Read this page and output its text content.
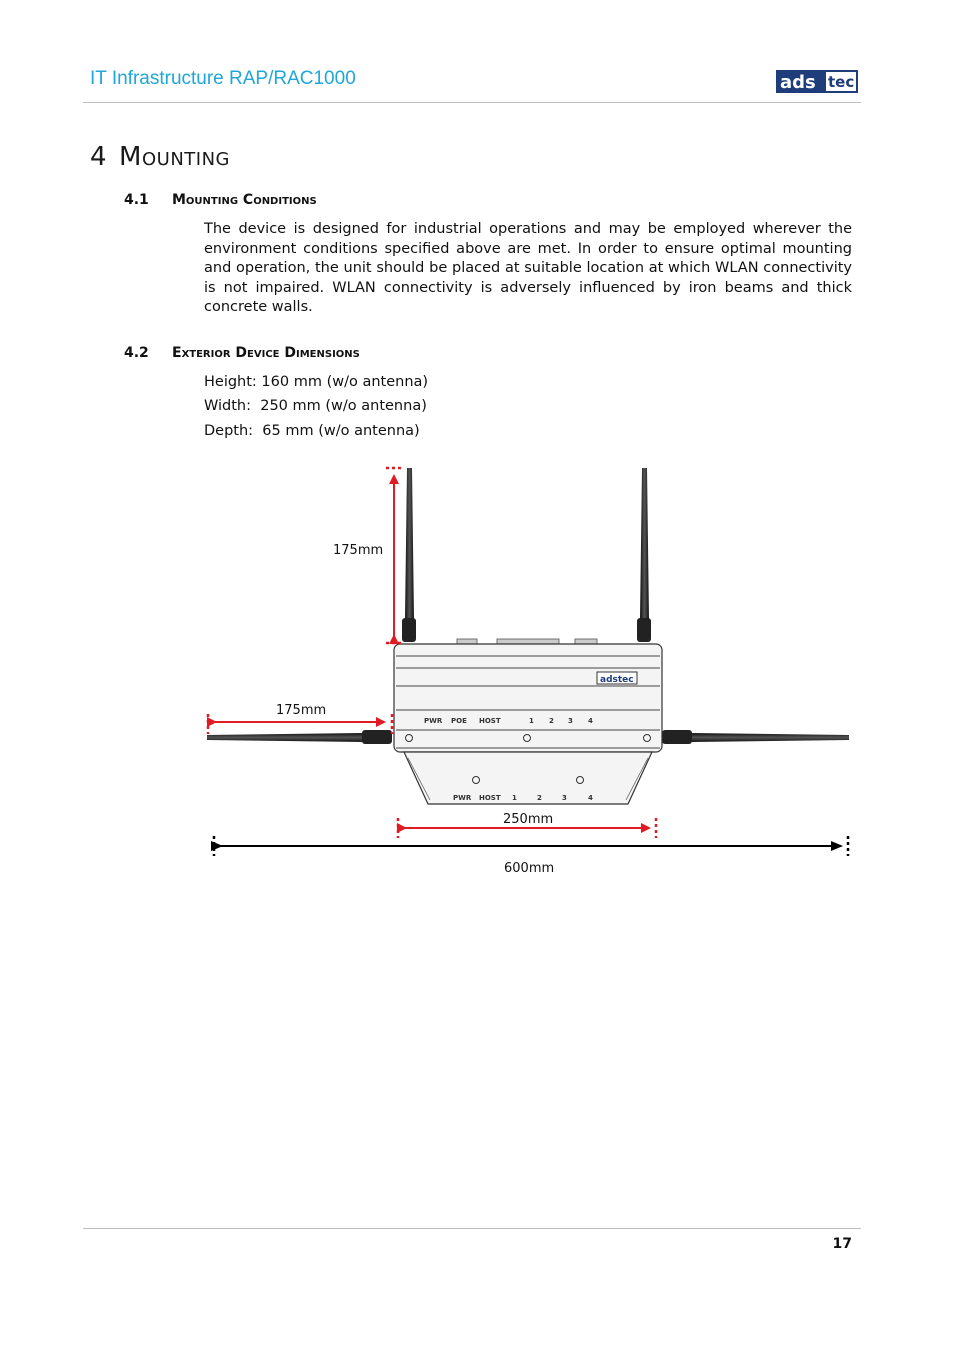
IT Infrastructure RAP/RAC1000	ads tec
4 Mounting
4.1 Mounting Conditions
The device is designed for industrial operations and may be employed wherever the environment conditions specified above are met. In order to ensure optimal mounting and operation, the unit should be placed at suitable location at which WLAN connectivity is not impaired. WLAN connectivity is adversely influenced by iron beams and thick concrete walls.
4.2 Exterior Device Dimensions
Height: 160 mm (w/o antenna)
Width:  250 mm (w/o antenna)
Depth:  65 mm (w/o antenna)
adstec
PWR POE HOST	1 2 3 4
PWR HOST 1	2	3	4
175mm
175mm
250mm
600mm
17
